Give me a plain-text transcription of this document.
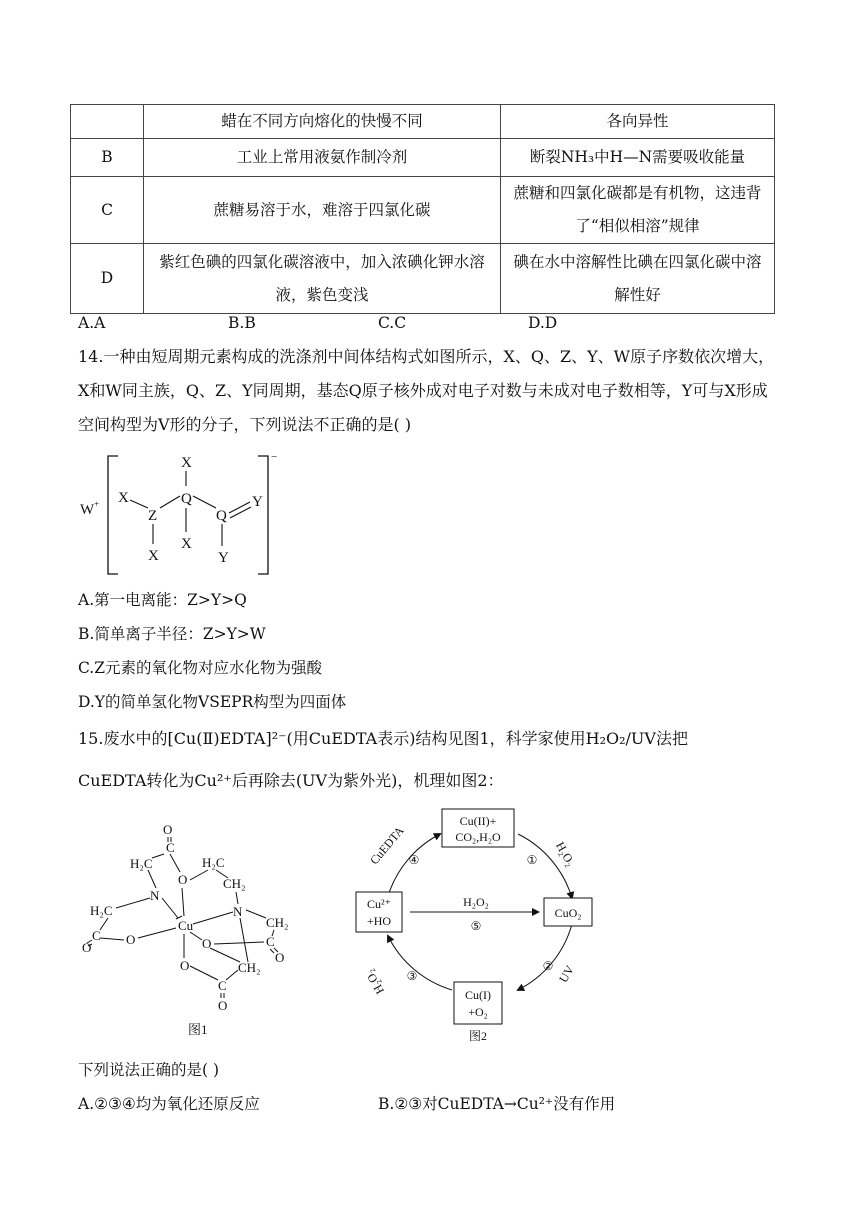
	蜡在不同方向熔化的快慢不同	各向异性
B	工业上常用液氨作制冷剂	断裂NH₃中H—N需要吸收能量
C	蔗糖易溶于水，难溶于四氯化碳	蔗糖和四氯化碳都是有机物，这违背了“相似相溶”规律
D	紫红色碘的四氯化碳溶液中，加入浓碘化钾水溶液，紫色变浅	碘在水中溶解性比碘在四氯化碳中溶解性好
A.A	B.B	C.C	D.D
14.一种由短周期元素构成的洗涤剂中间体结构式如图所示，X、Q、Z、Y、W原子序数依次增大，X和W同主族，Q、Z、Y同周期，基态Q原子核外成对电子对数与未成对电子数相等，Y可与X形成空间构型为V形的分子，下列说法不正确的是( )
W+
−
X
Z
X
X
Q
X
Q
Y
Y
A.第一电离能：Z>Y>Q
B.简单离子半径：Z>Y>W
C.Z元素的氧化物对应水化物为强酸
D.Y的简单氢化物VSEPR构型为四面体
15.废水中的[Cu(Ⅱ)EDTA]²⁻(用CuEDTA表示)结构见图1，科学家使用H₂O₂/UV法把
CuEDTA转化为Cu²⁺后再除去(UV为紫外光)，机理如图2：
O
C
H₂C	H₂C
O	CH₂
N
N
H₂C
Cu	CH₂
O	O	C
O
C
O
O	CH₂
C
O
图1
Cu(II)+
CO₂,H₂O
CuO₂
Cu(I)
+O₂
Cu²⁺
+HO
H₂O₂
⑤
①
②
③
④	H₂O₂
UV
H₂O₂
CuEDTA
图2
下列说法正确的是( )
A.②③④均为氧化还原反应	B.②③对CuEDTA→Cu²⁺没有作用
